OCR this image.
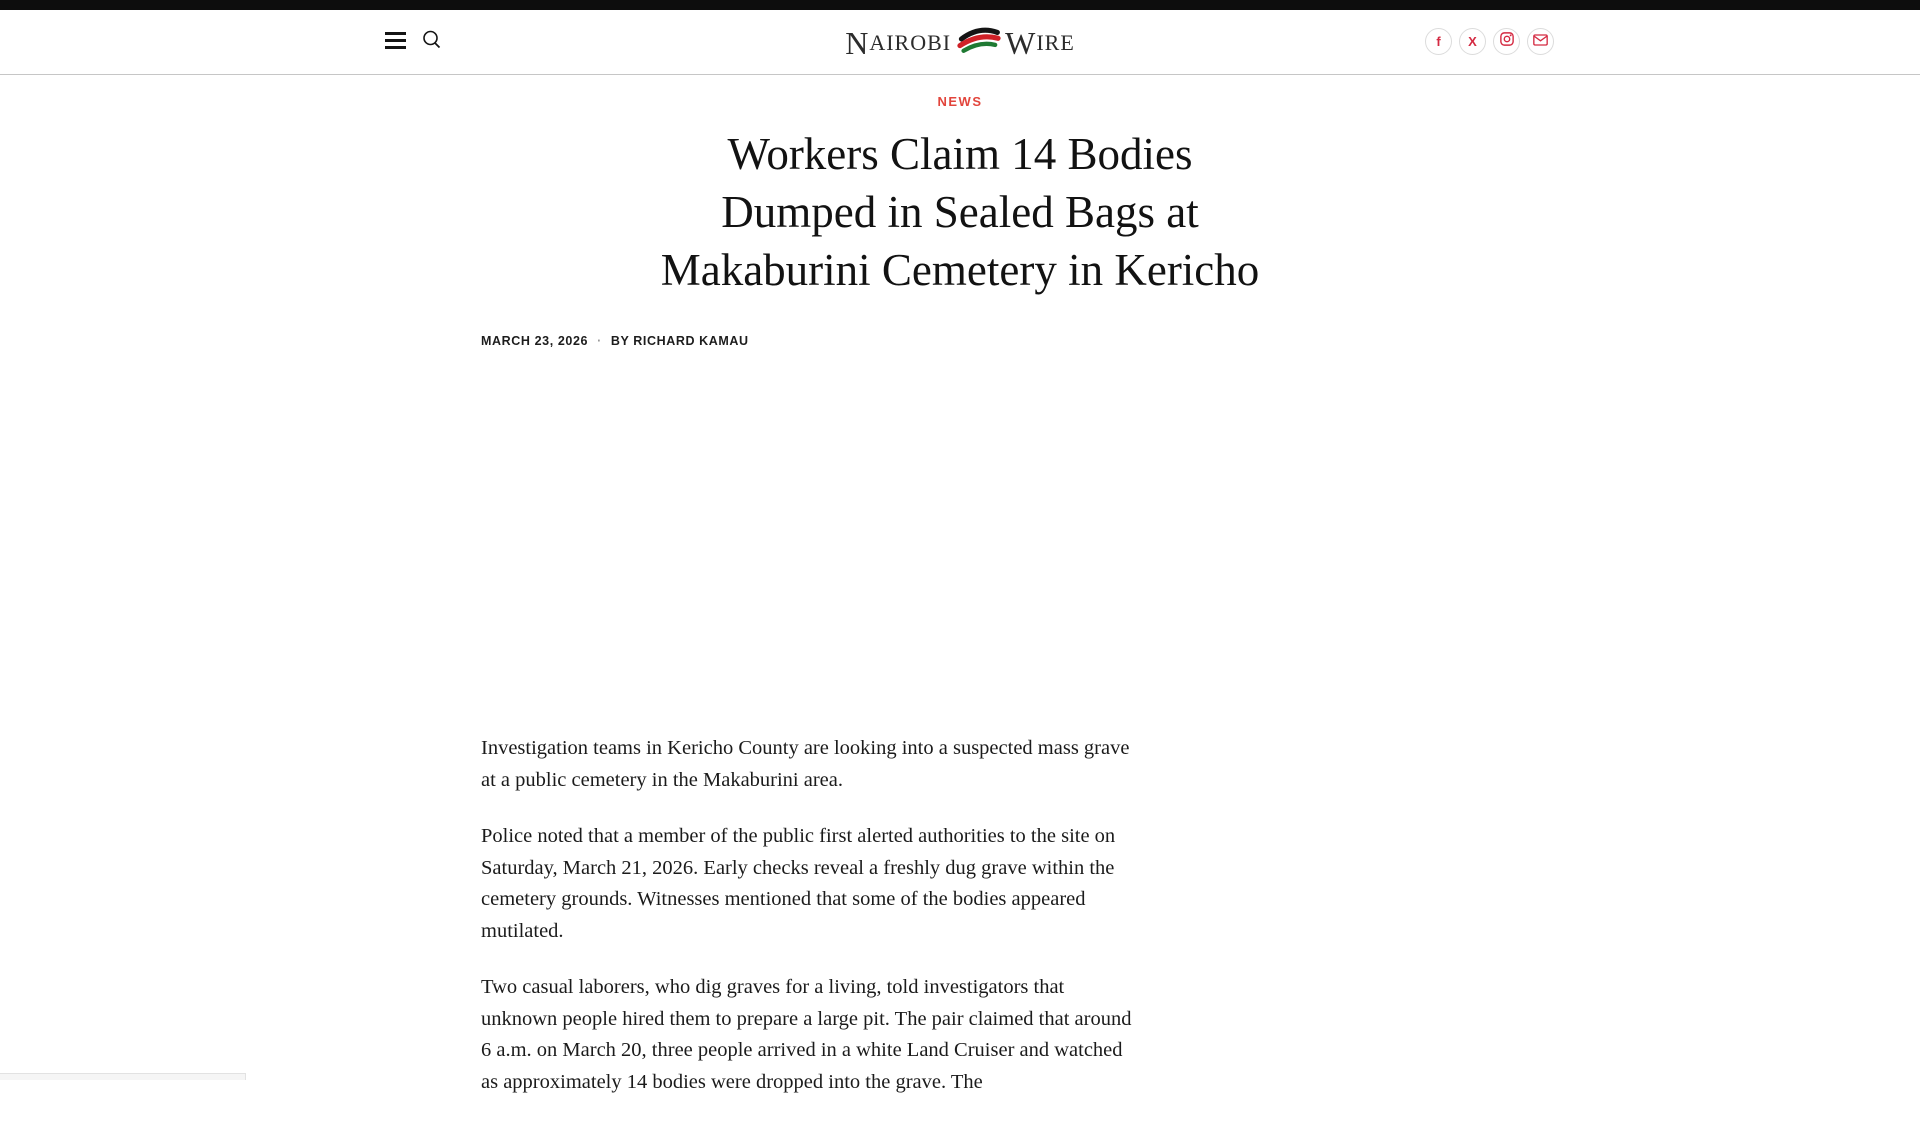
N AIROBI W IRE	f X
NEWS
Workers Claim 14 Bodies
Dumped in Sealed Bags at
Makaburini Cemetery in Kericho
MARCH 23, 2026 · BY RICHARD KAMAU

Investigation teams in Kericho County are looking into a suspected mass grave at a public cemetery in the Makaburini area.

Police noted that a member of the public first alerted authorities to the site on Saturday, March 21, 2026. Early checks reveal a freshly dug grave within the cemetery grounds. Witnesses mentioned that some of the bodies appeared mutilated.

Two casual laborers, who dig graves for a living, told investigators that unknown people hired them to prepare a large pit. The pair claimed that around 6 a.m. on March 20, three people arrived in a white Land Cruiser and watched as approximately 14 bodies were dropped into the grave. The
